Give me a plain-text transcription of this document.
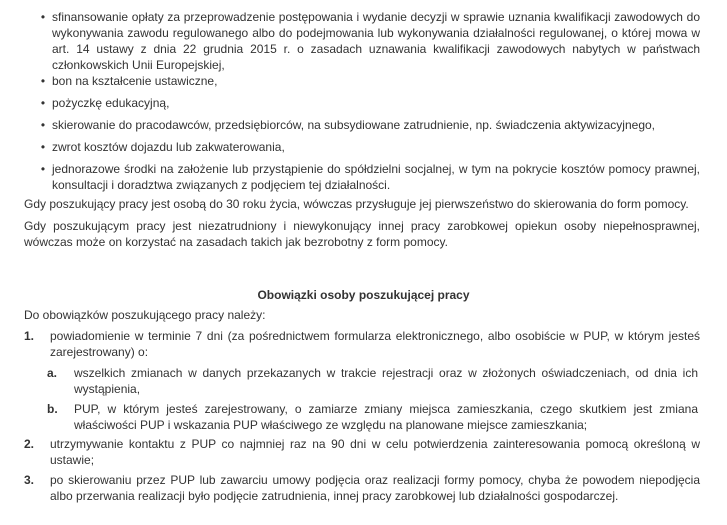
• sfinansowanie opłaty za przeprowadzenie postępowania i wydanie decyzji w sprawie uznania kwalifikacji zawodowych do wykonywania zawodu regulowanego albo do podejmowania lub wykonywania działalności regulowanej, o której mowa w art. 14 ustawy z dnia 22 grudnia 2015 r. o zasadach uznawania kwalifikacji zawodowych nabytych w państwach członkowskich Unii Europejskiej,
• bon na kształcenie ustawiczne,
• pożyczkę edukacyjną,
• skierowanie do pracodawców, przedsiębiorców, na subsydiowane zatrudnienie, np. świadczenia aktywizacyjnego,
• zwrot kosztów dojazdu lub zakwaterowania,
• jednorazowe środki na założenie lub przystąpienie do spółdzielni socjalnej, w tym na pokrycie kosztów pomocy prawnej, konsultacji i doradztwa związanych z podjęciem tej działalności.
Gdy poszukujący pracy jest osobą do 30 roku życia, wówczas przysługuje jej pierwszeństwo do skierowania do form pomocy.
Gdy poszukującym pracy jest niezatrudniony i niewykonujący innej pracy zarobkowej opiekun osoby niepełnosprawnej, wówczas może on korzystać na zasadach takich jak bezrobotny z form pomocy.
Obowiązki osoby poszukującej pracy
Do obowiązków poszukującego pracy należy:
1. powiadomienie w terminie 7 dni (za pośrednictwem formularza elektronicznego, albo osobiście w PUP, w którym jesteś zarejestrowany) o:
a. wszelkich zmianach w danych przekazanych w trakcie rejestracji oraz w złożonych oświadczeniach, od dnia ich wystąpienia,
b. PUP, w którym jesteś zarejestrowany, o zamiarze zmiany miejsca zamieszkania, czego skutkiem jest zmiana właściwości PUP i wskazania PUP właściwego ze względu na planowane miejsce zamieszkania;
2. utrzymywanie kontaktu z PUP co najmniej raz na 90 dni w celu potwierdzenia zainteresowania pomocą określoną w ustawie;
3. po skierowaniu przez PUP lub zawarciu umowy podjęcia oraz realizacji formy pomocy, chyba że powodem niepodjęcia albo przerwania realizacji było podjęcie zatrudnienia, innej pracy zarobkowej lub działalności gospodarczej.
